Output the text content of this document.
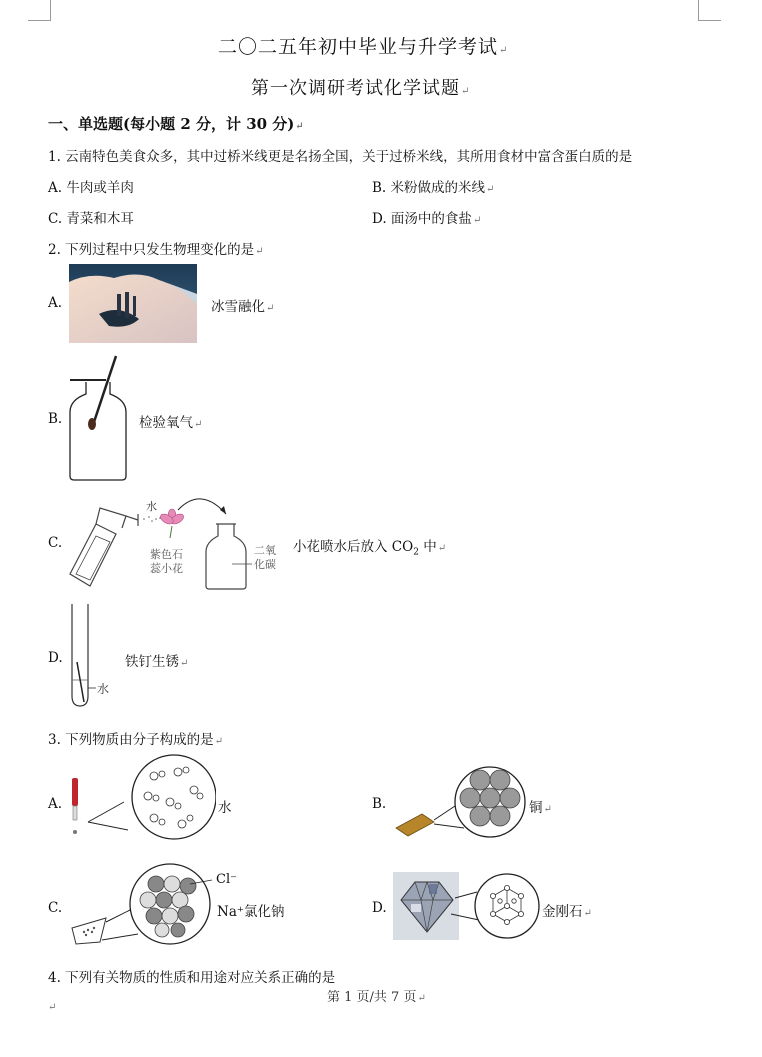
二〇二五年初中毕业与升学考试↵
第一次调研考试化学试题↵
一、单选题(每小题 2 分，计 30 分)↵
1. 云南特色美食众多，其中过桥米线更是名扬全国，关于过桥米线，其所用食材中富含蛋白质的是
A. 牛肉或羊肉	B. 米粉做成的米线↵
C. 青菜和木耳	D. 面汤中的食盐↵
2. 下列过程中只发生物理变化的是↵
A.	冰雪融化↵
B.	检验氧气↵
C.
水
紫色石
蕊小花
二氧
化碳
小花喷水后放入 $CO_2$ 中↵
D.
水
铁钉生锈↵
3. 下列物质由分子构成的是↵
A.	水	B.	铜↵
C.
Cl⁻
Na⁺氯化钠	D.	金刚石↵
4. 下列有关物质的性质和用途对应关系正确的是
第 1 页/共 7 页↵
↵
